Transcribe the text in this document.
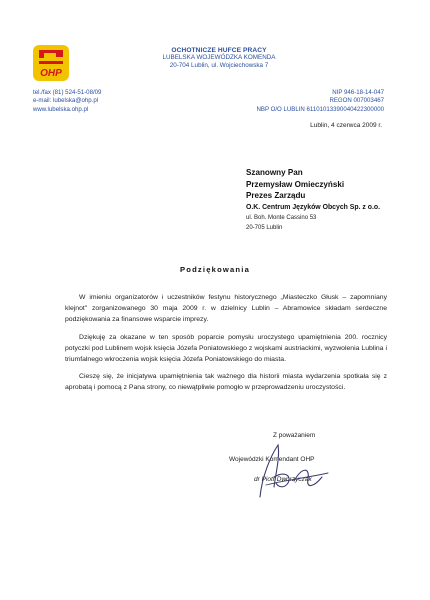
OHP
OCHOTNICZE HUFCE PRACY
LUBELSKA WOJEWÓDZKA KOMENDA
20-704 Lublin, ul. Wojciechowska 7
tel./fax (81) 524-51-08/09
e-mail: lubelska@ohp.pl
www.lubelska.ohp.pl
NIP 946-18-14-047
REGON 007003467
NBP O/O LUBLIN 61101013390040422300000
Lublin, 4 czerwca 2009 r.
Szanowny Pan
Przemysław Omieczyński
Prezes Zarządu
O.K. Centrum Języków Obcych Sp. z o.o.
ul. Boh. Monte Cassino 53
20-705 Lublin
Podziękowania

W imieniu organizatorów i uczestników festynu historycznego „Miasteczko Głusk – zapomniany klejnot" zorganizowanego 30 maja 2009 r. w dzielnicy Lublin – Abramowice składam serdeczne podziękowania za finansowe wsparcie imprezy.

Dziękuję za okazane w ten sposób poparcie pomysłu uroczystego upamiętnienia 200. rocznicy potyczki pod Lublinem wojsk księcia Józefa Poniatowskiego z wojskami austriackimi, wyzwolenia Lublina i triumfalnego wkroczenia wojsk księcia Józefa Poniatowskiego do miasta.

Cieszę się, że inicjatywa upamiętnienia tak ważnego dla historii miasta wydarzenia spotkała się z aprobatą i pomocą z Pana strony, co niewątpliwie pomogło w przeprowadzeniu uroczystości.

Z poważaniem
Wojewódzki Komendant OHP
dr Piotr Dworzyczak
